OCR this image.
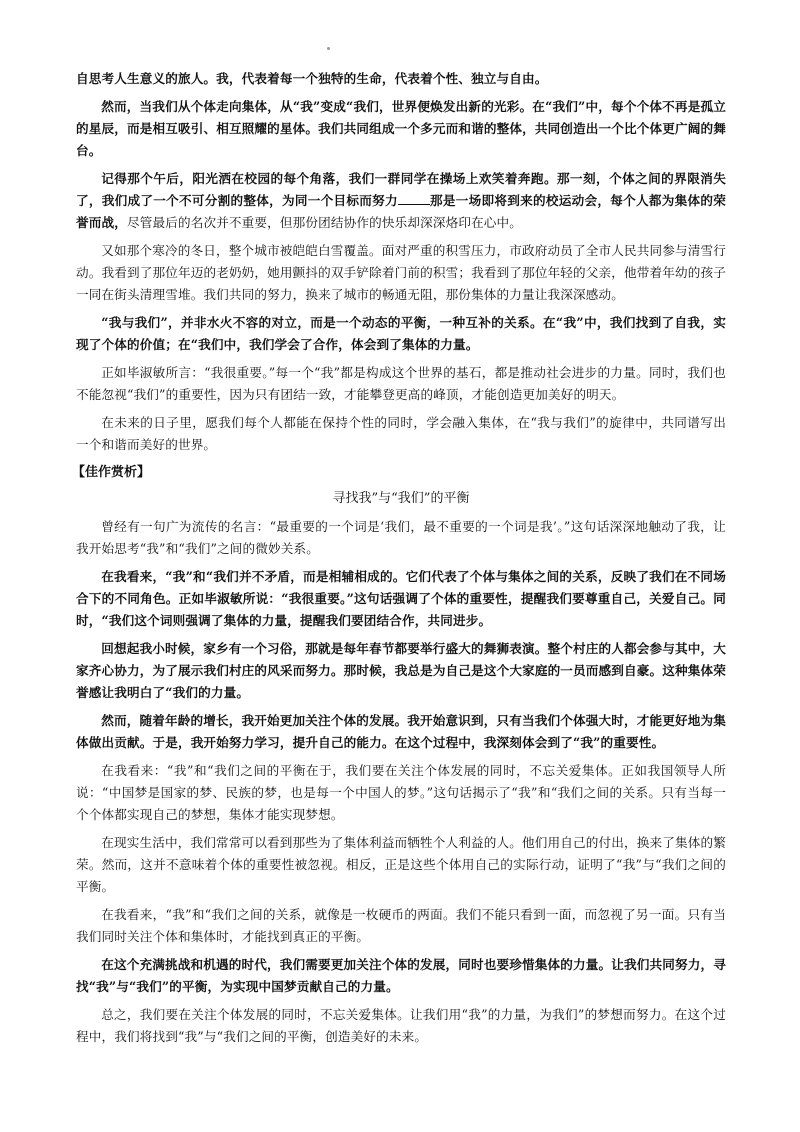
自思考人生意义的旅人。我，代表着每一个独特的生命，代表着个性、独立与自由。

然而，当我们从个体走向集体，从“我”变成“我们，世界便焕发出新的光彩。在“我们”中，每个个体不再是孤立的星辰，而是相互吸引、相互照耀的星体。我们共同组成一个多元而和谐的整体，共同创造出一个比个体更广阔的舞台。

记得那个午后，阳光洒在校园的每个角落，我们一群同学在操场上欢笑着奔跑。那一刻，个体之间的界限消失了，我们成了一个不可分割的整体，为同一个目标而努力	那是一场即将到来的校运动会，每个人都为集体的荣誉而战，尽管最后的名次并不重要，但那份团结协作的快乐却深深烙印在心中。

又如那个寒冷的冬日，整个城市被皑皑白雪覆盖。面对严重的积雪压力，市政府动员了全市人民共同参与清雪行动。我看到了那位年迈的老奶奶，她用颤抖的双手铲除着门前的积雪；我看到了那位年轻的父亲，他带着年幼的孩子一同在街头清理雪堆。我们共同的努力，换来了城市的畅通无阻，那份集体的力量让我深深感动。

“我与我们”，并非水火不容的对立，而是一个动态的平衡，一种互补的关系。在“我”中，我们找到了自我，实现了个体的价值；在“我们中，我们学会了合作，体会到了集体的力量。

正如毕淑敏所言：“我很重要。”每一个“我”都是构成这个世界的基石，都是推动社会进步的力量。同时，我们也不能忽视“我们”的重要性，因为只有团结一致，才能攀登更高的峰顶，才能创造更加美好的明天。

在未来的日子里，愿我们每个人都能在保持个性的同时，学会融入集体，在“我与我们”的旋律中，共同谱写出一个和谐而美好的世界。

【佳作赏析】
寻找我”与“我们”的平衡

曾经有一句广为流传的名言：“最重要的一个词是‘我们，最不重要的一个词是我’。”这句话深深地触动了我，让我开始思考“我”和“我们”之间的微妙关系。

在我看来，“我”和“我们并不矛盾，而是相辅相成的。它们代表了个体与集体之间的关系，反映了我们在不同场合下的不同角色。正如毕淑敏所说：“我很重要。”这句话强调了个体的重要性，提醒我们要尊重自己，关爱自己。同时，“我们这个词则强调了集体的力量，提醒我们要团结合作，共同进步。

回想起我小时候，家乡有一个习俗，那就是每年春节都要举行盛大的舞狮表演。整个村庄的人都会参与其中，大家齐心协力，为了展示我们村庄的风采而努力。那时候，我总是为自己是这个大家庭的一员而感到自豪。这种集体荣誉感让我明白了“我们的力量。

然而，随着年龄的增长，我开始更加关注个体的发展。我开始意识到，只有当我们个体强大时，才能更好地为集体做出贡献。于是，我开始努力学习，提升自己的能力。在这个过程中，我深刻体会到了“我”的重要性。

在我看来：“我”和“我们之间的平衡在于，我们要在关注个体发展的同时，不忘关爱集体。正如我国领导人所说：“中国梦是国家的梦、民族的梦，也是每一个中国人的梦。”这句话揭示了“我”和“我们之间的关系。只有当每一个个体都实现自己的梦想，集体才能实现梦想。

在现实生活中，我们常常可以看到那些为了集体利益而牺牲个人利益的人。他们用自己的付出，换来了集体的繁荣。然而，这并不意味着个体的重要性被忽视。相反，正是这些个体用自己的实际行动，证明了“我”与“我们之间的平衡。

在我看来，“我”和“我们之间的关系，就像是一枚硬币的两面。我们不能只看到一面，而忽视了另一面。只有当我们同时关注个体和集体时，才能找到真正的平衡。

在这个充满挑战和机遇的时代，我们需要更加关注个体的发展，同时也要珍惜集体的力量。让我们共同努力，寻找“我”与“我们”的平衡，为实现中国梦贡献自己的力量。

总之，我们要在关注个体发展的同时，不忘关爱集体。让我们用“我”的力量，为我们”的梦想而努力。在这个过程中，我们将找到“我”与“我们之间的平衡，创造美好的未来。
